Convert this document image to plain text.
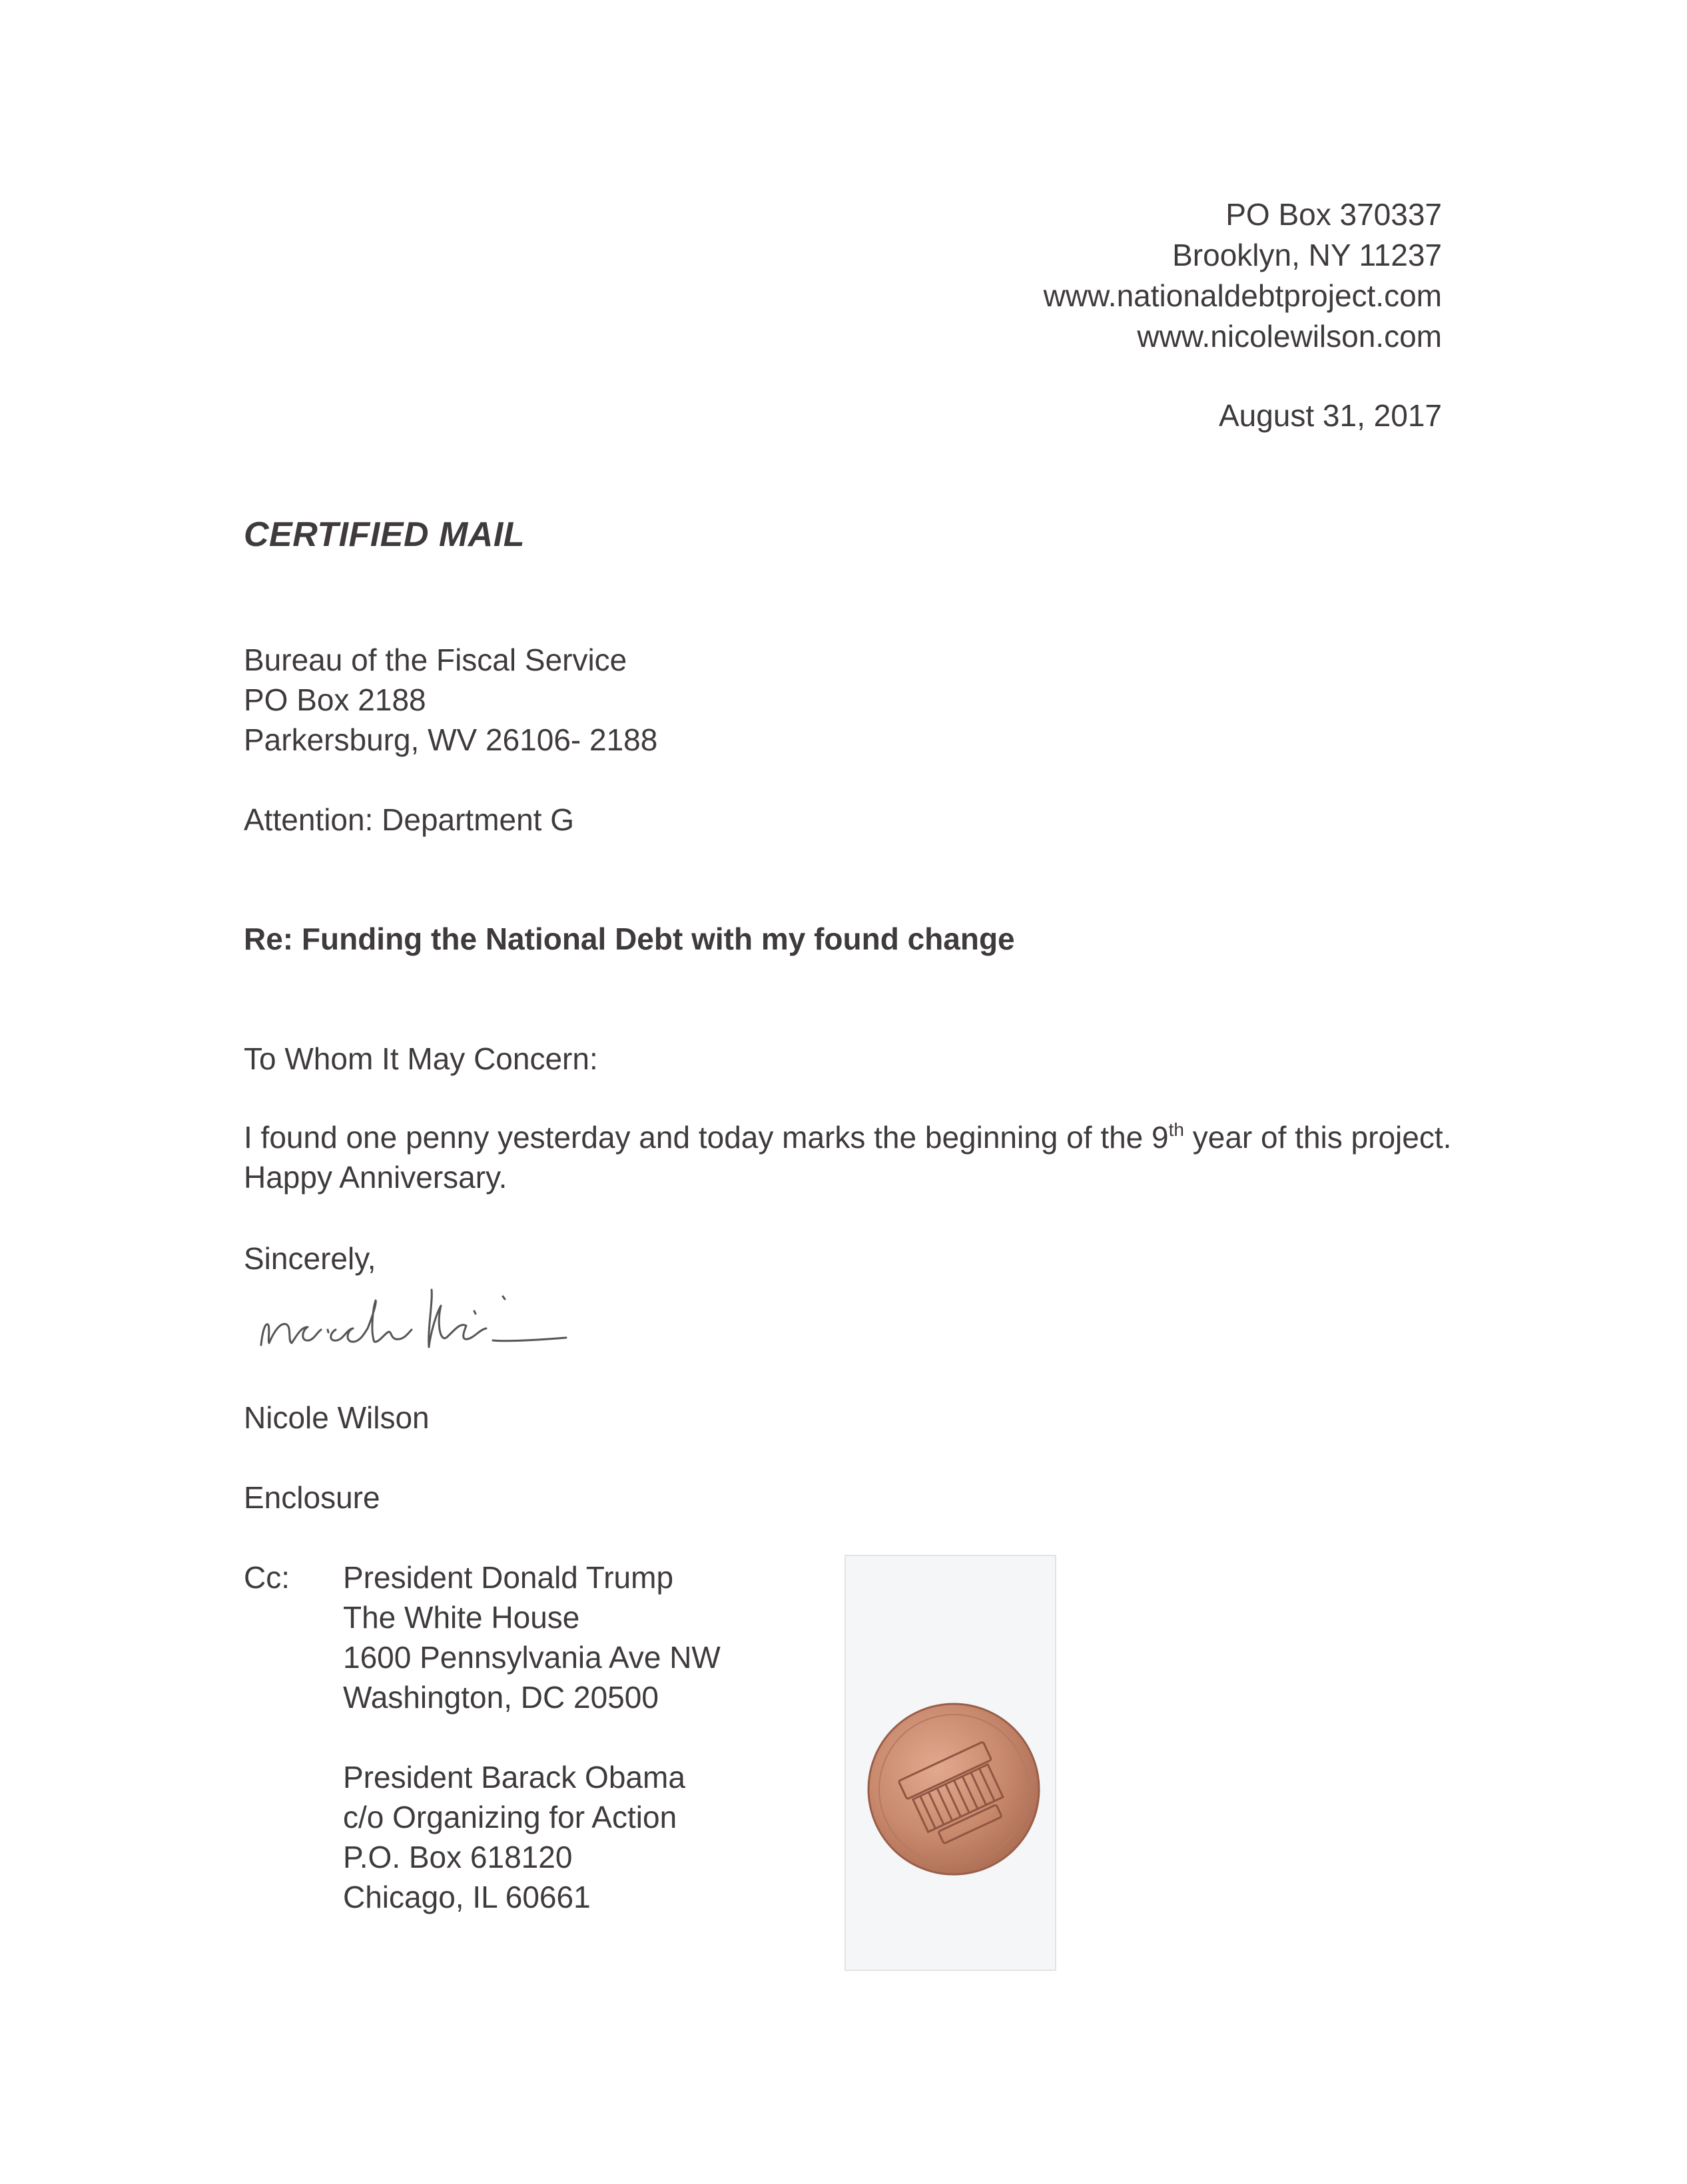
PO Box 370337
Brooklyn, NY 11237
www.nationaldebtproject.com
www.nicolewilson.com
August 31, 2017
CERTIFIED MAIL
Bureau of the Fiscal Service
PO Box 2188
Parkersburg, WV 26106- 2188
Attention: Department G
Re: Funding the National Debt with my found change
To Whom It May Concern:
I found one penny yesterday and today marks the beginning of the 9th year of this project. Happy Anniversary.
Sincerely,
Nicole Wilson
Enclosure
Cc: President Donald Trump
The White House
1600 Pennsylvania Ave NW
Washington, DC 20500
President Barack Obama
c/o Organizing for Action
P.O. Box 618120
Chicago, IL 60661
